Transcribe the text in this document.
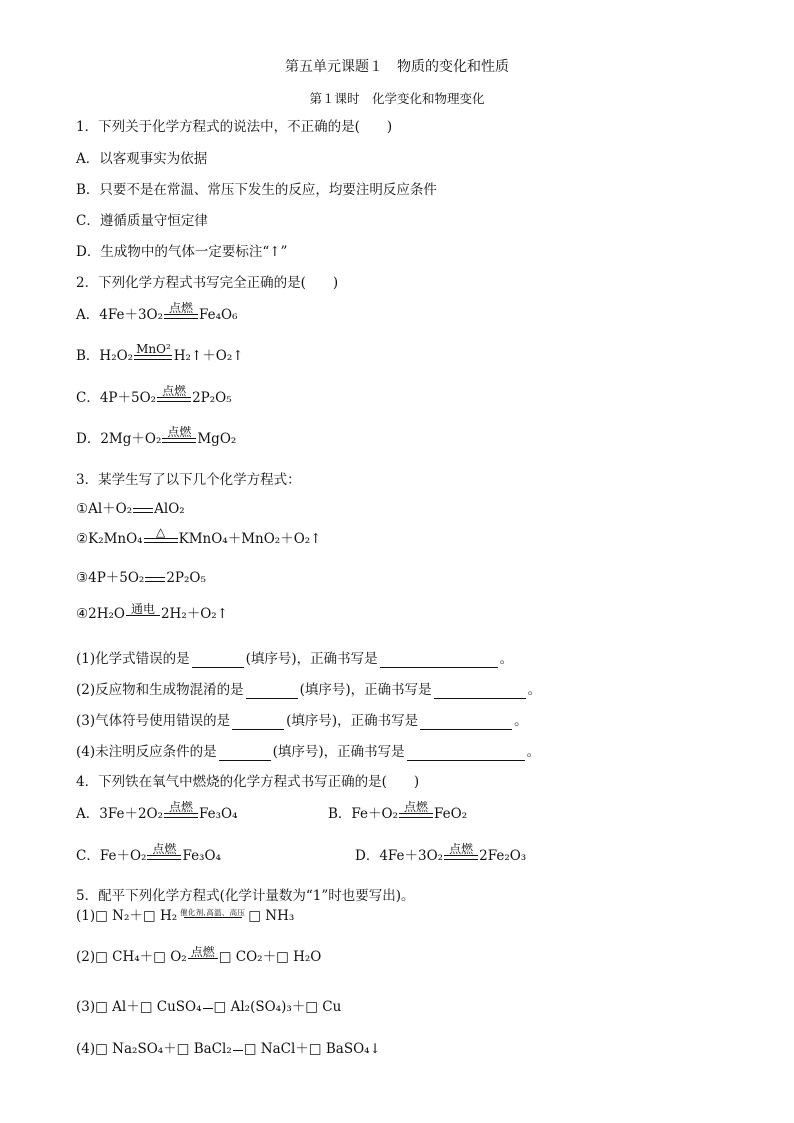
第五单元课题１　物质的变化和性质
第１课时　化学变化和物理变化
1．下列关于化学方程式的说法中，不正确的是(　　)
A．以客观事实为依据
B．只要不是在常温、常压下发生的反应，均要注明反应条件
C．遵循质量守恒定律
D．生成物中的气体一定要标注“↑”
2．下列化学方程式书写完全正确的是(　　)
A．4Fe＋3O₂ 点燃 Fe₄O₆
B．H₂O₂ MnO² H₂↑＋O₂↑
C．4P＋5O₂ 点燃 2P₂O₅
D．2Mg＋O₂ 点燃 MgO₂
3．某学生写了以下几个化学方程式：
①Al＋O₂ AlO₂
②K₂MnO₄ △ KMnO₄＋MnO₂＋O₂↑
③4P＋5O₂ 2P₂O₅
④2H₂O 通电 2H₂＋O₂↑
(1)化学式错误的是	(填序号)，正确书写是	。
(2)反应物和生成物混淆的是	(填序号)，正确书写是	。
(3)气体符号使用错误的是	(填序号)，正确书写是	。
(4)未注明反应条件的是	(填序号)，正确书写是	。
4．下列铁在氧气中燃烧的化学方程式书写正确的是(　　)
A．3Fe＋2O₂ 点燃 Fe₃O₄	B．Fe＋O₂ 点燃 FeO₂
C．Fe＋O₂ 点燃 Fe₃O₄	D．4Fe＋3O₂ 点燃 2Fe₂O₃
5．配平下列化学方程式(化学计量数为“1”时也要写出)。
(1)□ N₂＋□ H₂ 催化剂,高温、高压 □ NH₃
(2)□ CH₄＋□ O₂ 点燃 □ CO₂＋□ H₂O
(3)□ Al＋□ CuSO₄ □ Al₂(SO₄)₃＋□ Cu
(4)□ Na₂SO₄＋□ BaCl₂ □ NaCl＋□ BaSO₄↓
